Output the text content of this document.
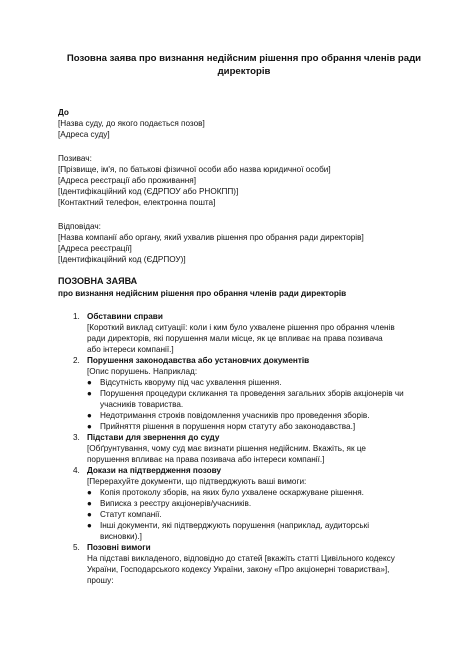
Позовна заява про визнання недійсним рішення про обрання членів ради директорів
До
[Назва суду, до якого подається позов]
[Адреса суду]
Позивач:
[Прізвище, ім'я, по батькові фізичної особи або назва юридичної особи]
[Адреса реєстрації або проживання]
[Ідентифікаційний код (ЄДРПОУ або РНОКПП)]
[Контактний телефон, електронна пошта]
Відповідач:
[Назва компанії або органу, який ухвалив рішення про обрання ради директорів]
[Адреса реєстрації]
[Ідентифікаційний код (ЄДРПОУ)]
ПОЗОВНА ЗАЯВА
про визнання недійсним рішення про обрання членів ради директорів
1. Обставини справи
[Короткий виклад ситуації: коли і ким було ухвалене рішення про обрання членів
ради директорів, які порушення мали місце, як це впливає на права позивача
або інтереси компанії.]
2. Порушення законодавства або установчих документів
[Опис порушень. Наприклад:
● Відсутність кворуму під час ухвалення рішення.
● Порушення процедури скликання та проведення загальних зборів акціонерів чи
учасників товариства.
● Недотримання строків повідомлення учасників про проведення зборів.
● Прийняття рішення в порушення норм статуту або законодавства.]
3. Підстави для звернення до суду
[Обґрунтування, чому суд має визнати рішення недійсним. Вкажіть, як це
порушення впливає на права позивача або інтереси компанії.]
4. Докази на підтвердження позову
[Перерахуйте документи, що підтверджують ваші вимоги:
● Копія протоколу зборів, на яких було ухвалене оскаржуване рішення.
● Виписка з реєстру акціонерів/учасників.
● Статут компанії.
● Інші документи, які підтверджують порушення (наприклад, аудиторські
висновки).]
5. Позовні вимоги
На підставі викладеного, відповідно до статей [вкажіть статті Цивільного кодексу
України, Господарського кодексу України, закону «Про акціонерні товариства»],
прошу:
